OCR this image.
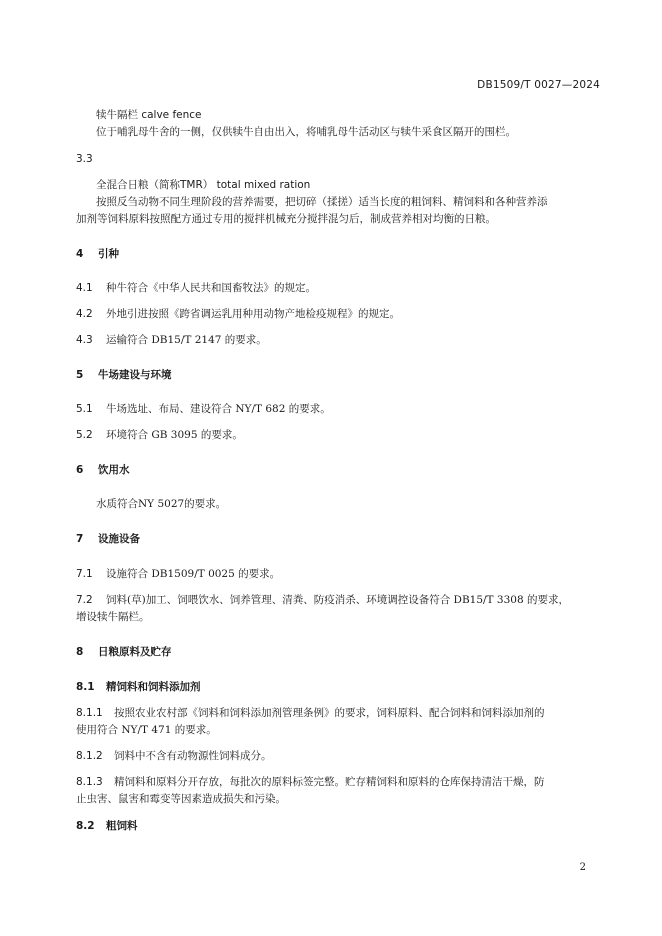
DB1509/T 0027—2024
犊牛隔栏 calve fence
位于哺乳母牛舍的一侧，仅供犊牛自由出入，将哺乳母牛活动区与犊牛采食区隔开的围栏。
3.3
全混合日粮（简称TMR） total mixed ration
按照反刍动物不同生理阶段的营养需要，把切碎（揉搓）适当长度的粗饲料、精饲料和各种营养添
加剂等饲料原料按照配方通过专用的搅拌机械充分搅拌混匀后，制成营养相对均衡的日粮。
4 引种
4.1 种牛符合《中华人民共和国畜牧法》的规定。
4.2 外地引进按照《跨省调运乳用种用动物产地检疫规程》的规定。
4.3 运输符合 DB15/T 2147 的要求。
5 牛场建设与环境
5.1 牛场选址、布局、建设符合 NY/T 682 的要求。
5.2 环境符合 GB 3095 的要求。
6 饮用水
水质符合NY 5027的要求。
7 设施设备
7.1 设施符合 DB1509/T 0025 的要求。
7.2 饲料(草)加工、饲喂饮水、饲养管理、清粪、防疫消杀、环境调控设备符合 DB15/T 3308 的要求，
增设犊牛隔栏。
8 日粮原料及贮存
8.1 精饲料和饲料添加剂
8.1.1 按照农业农村部《饲料和饲料添加剂管理条例》的要求，饲料原料、配合饲料和饲料添加剂的
使用符合 NY/T 471 的要求。
8.1.2 饲料中不含有动物源性饲料成分。
8.1.3 精饲料和原料分开存放，每批次的原料标签完整。贮存精饲料和原料的仓库保持清洁干燥，防
止虫害、鼠害和霉变等因素造成损失和污染。
8.2 粗饲料
2
